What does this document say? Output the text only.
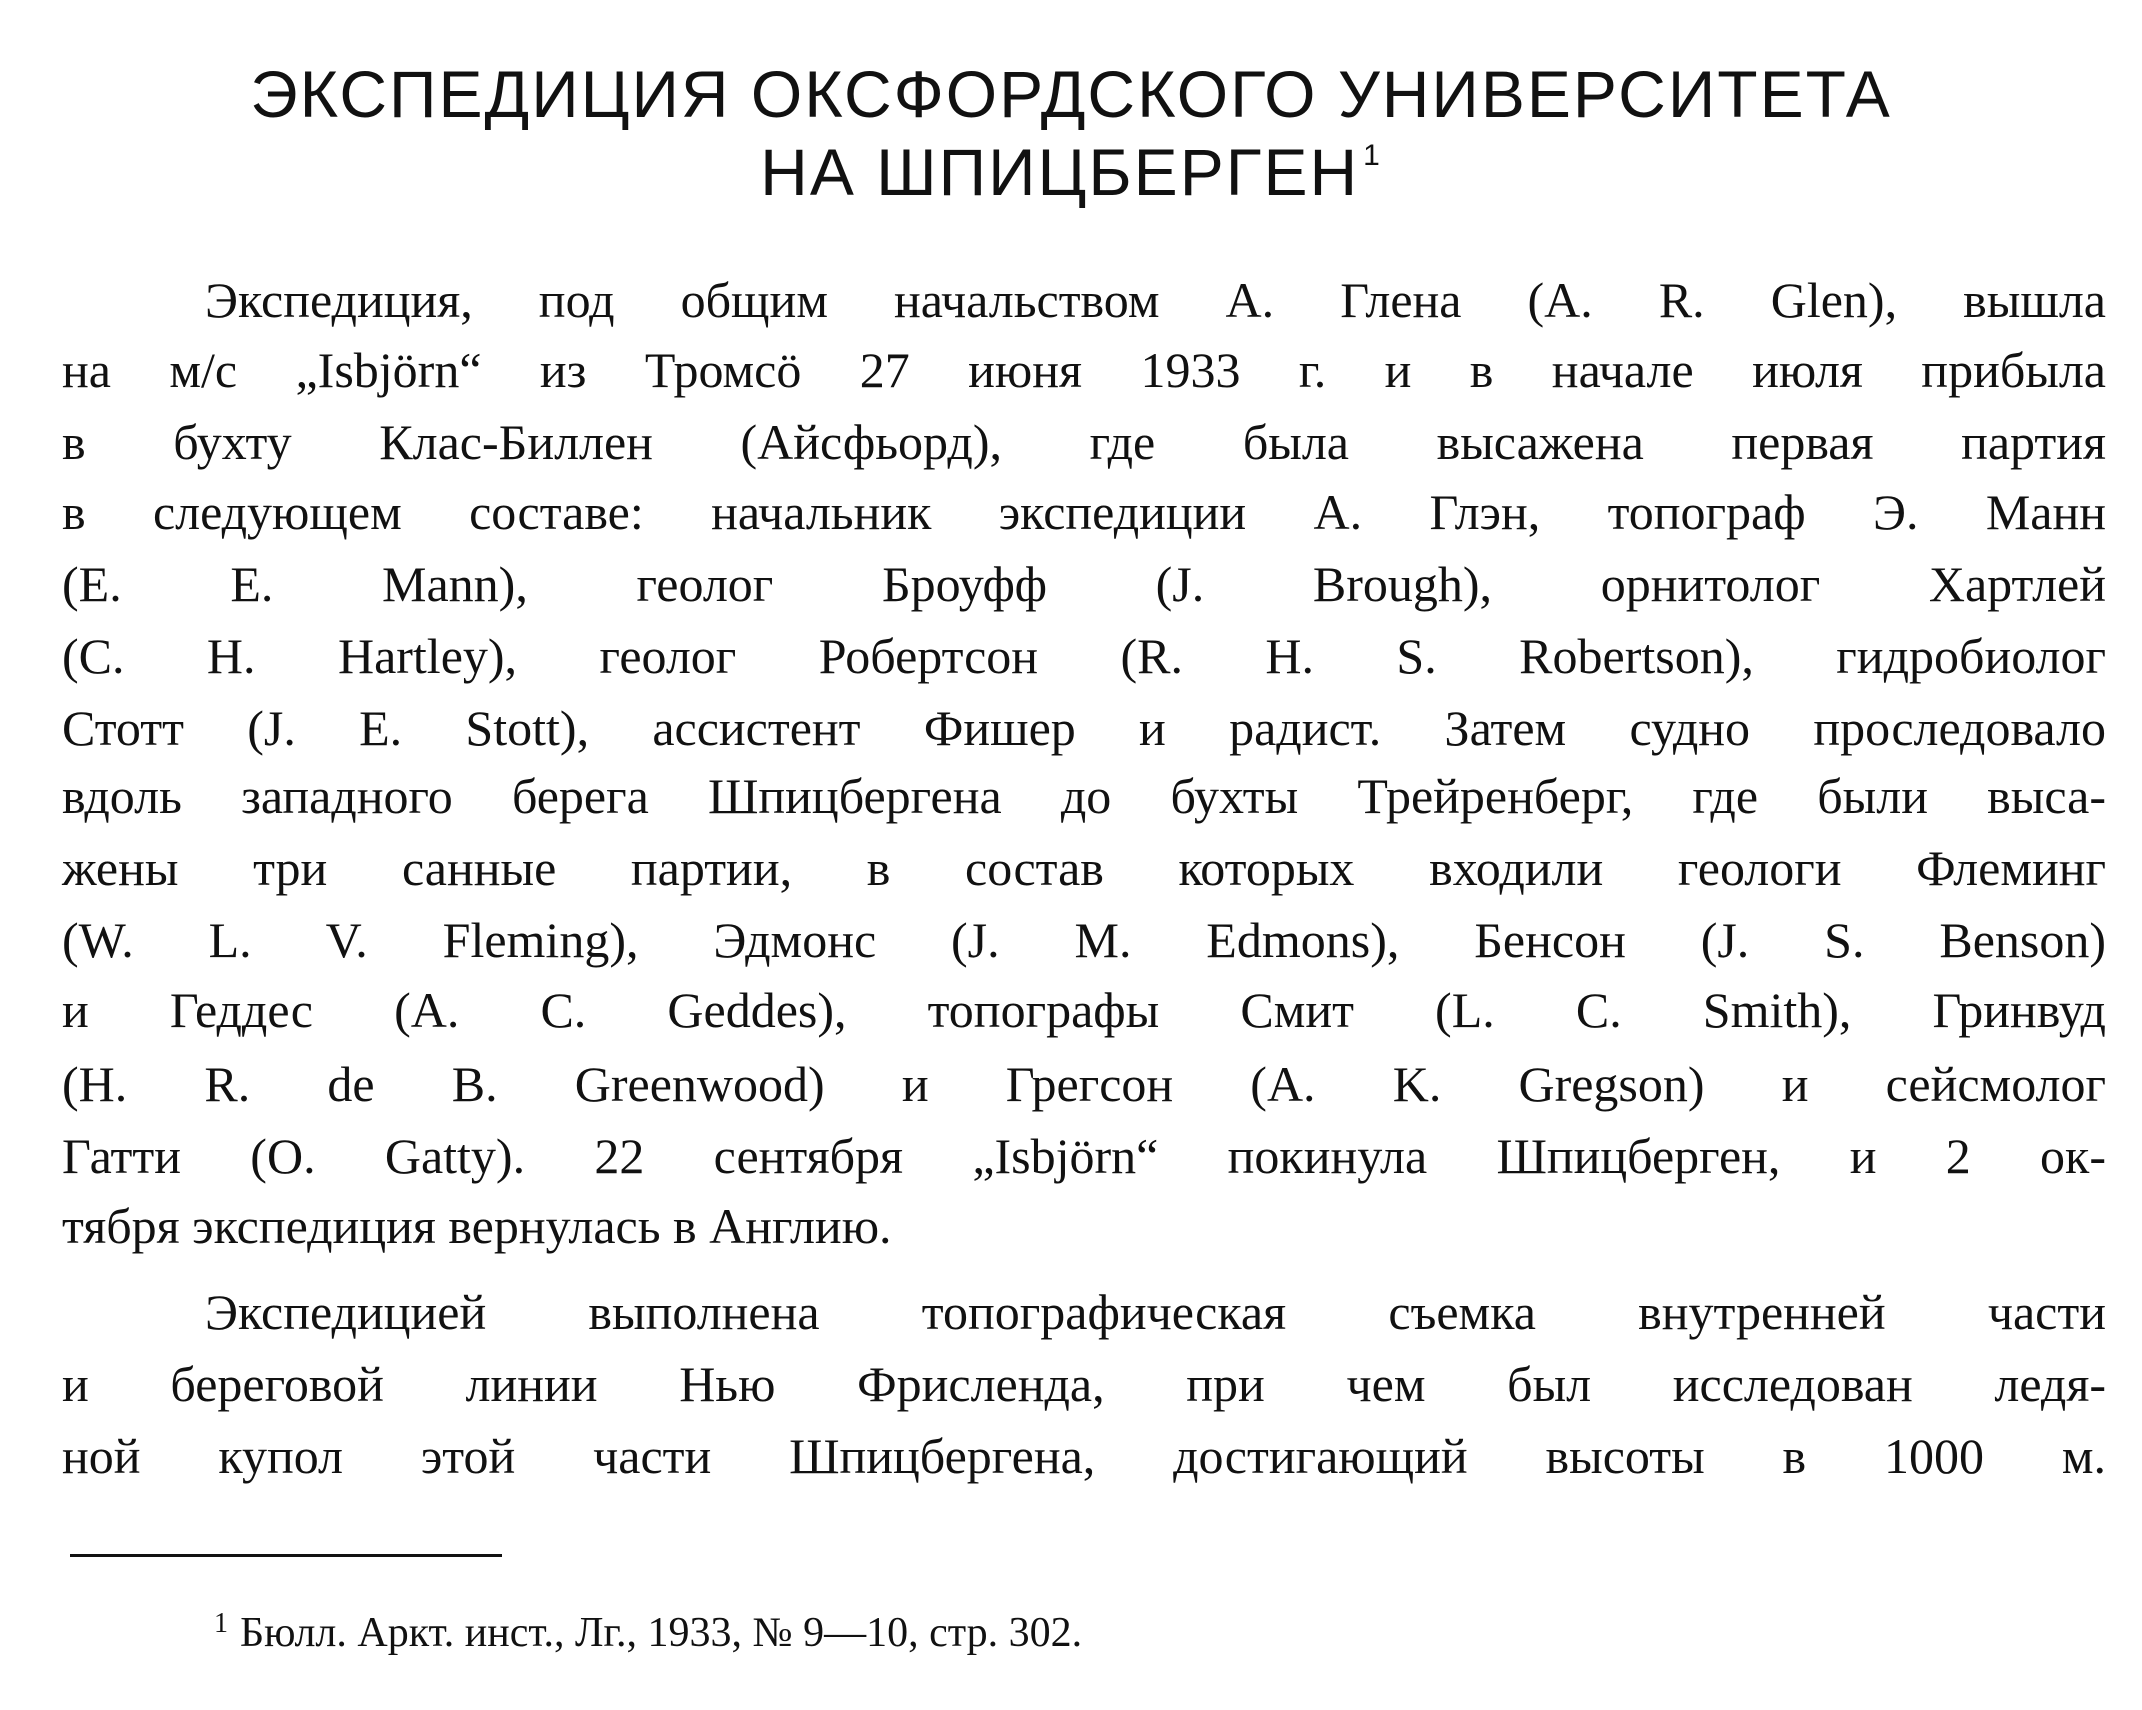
ЭКСПЕДИЦИЯ ОКСФОРДСКОГО УНИВЕРСИТЕТА
НА ШПИЦБЕРГЕН $^1$
Экспедиция, под общим начальством А. Глена (A. R. Glen), вышла
на м/с „Isbjörn“ из Тромсö 27 июня 1933 г. и в начале июля прибыла
в бухту Клас-Биллен (Айсфьорд), где была высажена первая партия
в следующем составе: начальник экспедиции А. Глэн, топограф Э. Манн
(E. E. Mann), геолог Броуфф (J. Brough), орнитолог Хартлей
(C. H. Hartley), геолог Робертсон (R. H. S. Robertson), гидробиолог
Стотт (J. E. Stott), ассистент Фишер и радист. Затем судно проследовало
вдоль западного берега Шпицбергена до бухты Трейренберг, где были выса-
жены три санные партии, в состав которых входили геологи Флеминг
(W. L. V. Fleming), Эдмонс (J. M. Edmons), Бенсон (J. S. Benson)
и Геддес (A. C. Geddes), топографы Смит (L. C. Smith), Гринвуд
(H. R. de B. Greenwood) и Грегсон (A. K. Gregson) и сейсмолог
Гатти (O. Gatty). 22 сентября „Isbjörn“ покинула Шпицберген, и 2 ок-
тября экспедиция вернулась в Англию.
Экспедицией выполнена топографическая съемка внутренней части
и береговой линии Нью Фрисленда, при чем был исследован ледя-
ной купол этой части Шпицбергена, достигающий высоты в 1000 м.
$^1$ Бюлл. Аркт. инст., Лг., 1933, № 9—10, стр. 302.
